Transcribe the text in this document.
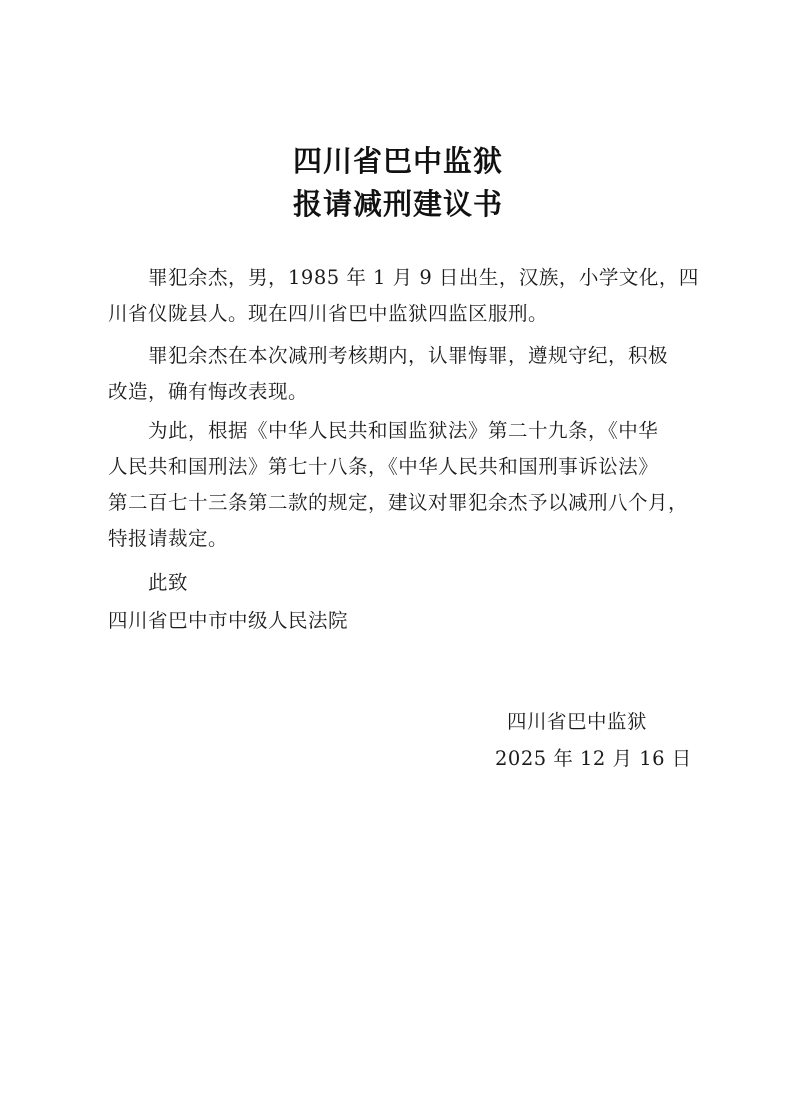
四川省巴中监狱
报请减刑建议书
罪犯余杰，男，1985 年 1 月 9 日出生，汉族，小学文化，四
川省仪陇县人。现在四川省巴中监狱四监区服刑。
罪犯余杰在本次减刑考核期内，认罪悔罪，遵规守纪，积极
改造，确有悔改表现。
为此，根据《中华人民共和国监狱法》第二十九条，《中华
人民共和国刑法》第七十八条，《中华人民共和国刑事诉讼法》
第二百七十三条第二款的规定，建议对罪犯余杰予以减刑八个月，
特报请裁定。
此致
四川省巴中市中级人民法院
四川省巴中监狱
2025 年 12 月 16 日
